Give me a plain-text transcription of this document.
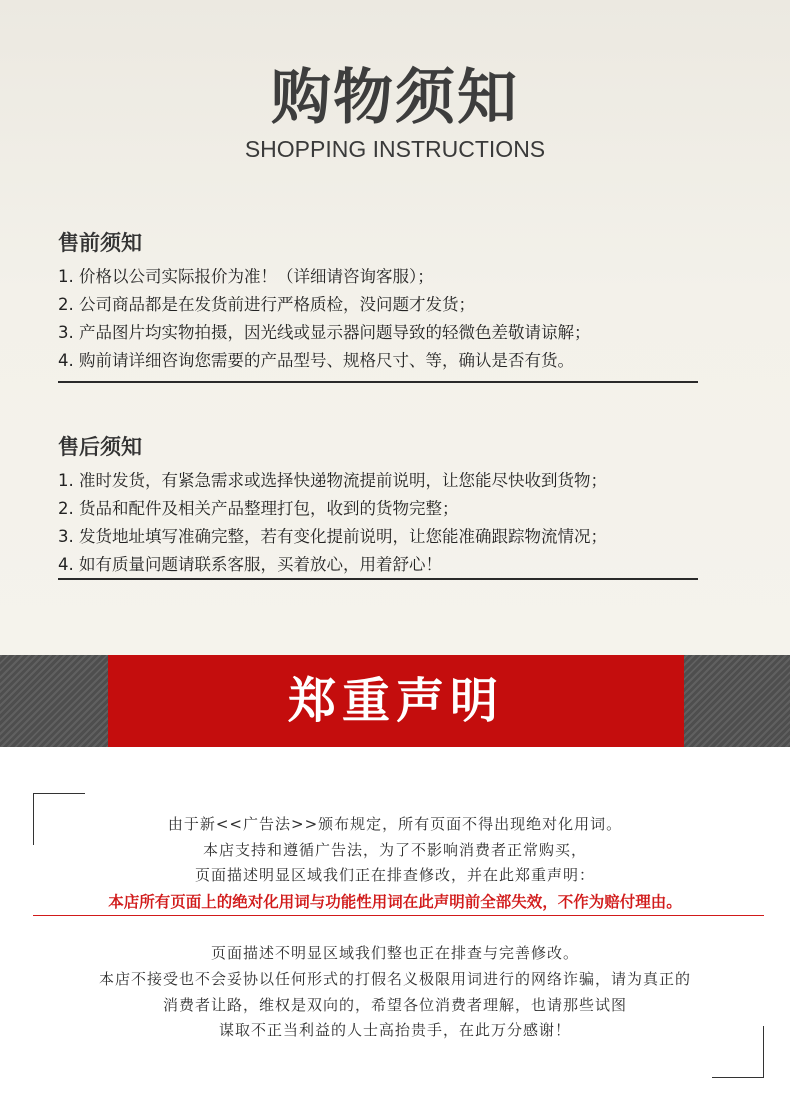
购物须知
SHOPPING INSTRUCTIONS
售前须知
1. 价格以公司实际报价为准！（详细请咨询客服）；
2. 公司商品都是在发货前进行严格质检，没问题才发货；
3. 产品图片均实物拍摄，因光线或显示器问题导致的轻微色差敬请谅解；
4. 购前请详细咨询您需要的产品型号、规格尺寸、等，确认是否有货。
售后须知
1. 准时发货，有紧急需求或选择快递物流提前说明，让您能尽快收到货物；
2. 货品和配件及相关产品整理打包，收到的货物完整；
3. 发货地址填写准确完整，若有变化提前说明，让您能准确跟踪物流情况；
4. 如有质量问题请联系客服，买着放心，用着舒心！
郑重声明
由于新<<广告法>>颁布规定，所有页面不得出现绝对化用词。
本店支持和遵循广告法，为了不影响消费者正常购买，
页面描述明显区域我们正在排查修改，并在此郑重声明：
本店所有页面上的绝对化用词与功能性用词在此声明前全部失效，不作为赔付理由。
页面描述不明显区域我们整也正在排查与完善修改。
本店不接受也不会妥协以任何形式的打假名义极限用词进行的网络诈骗，请为真正的
消费者让路，维权是双向的，希望各位消费者理解，也请那些试图
谋取不正当利益的人士高抬贵手，在此万分感谢！
